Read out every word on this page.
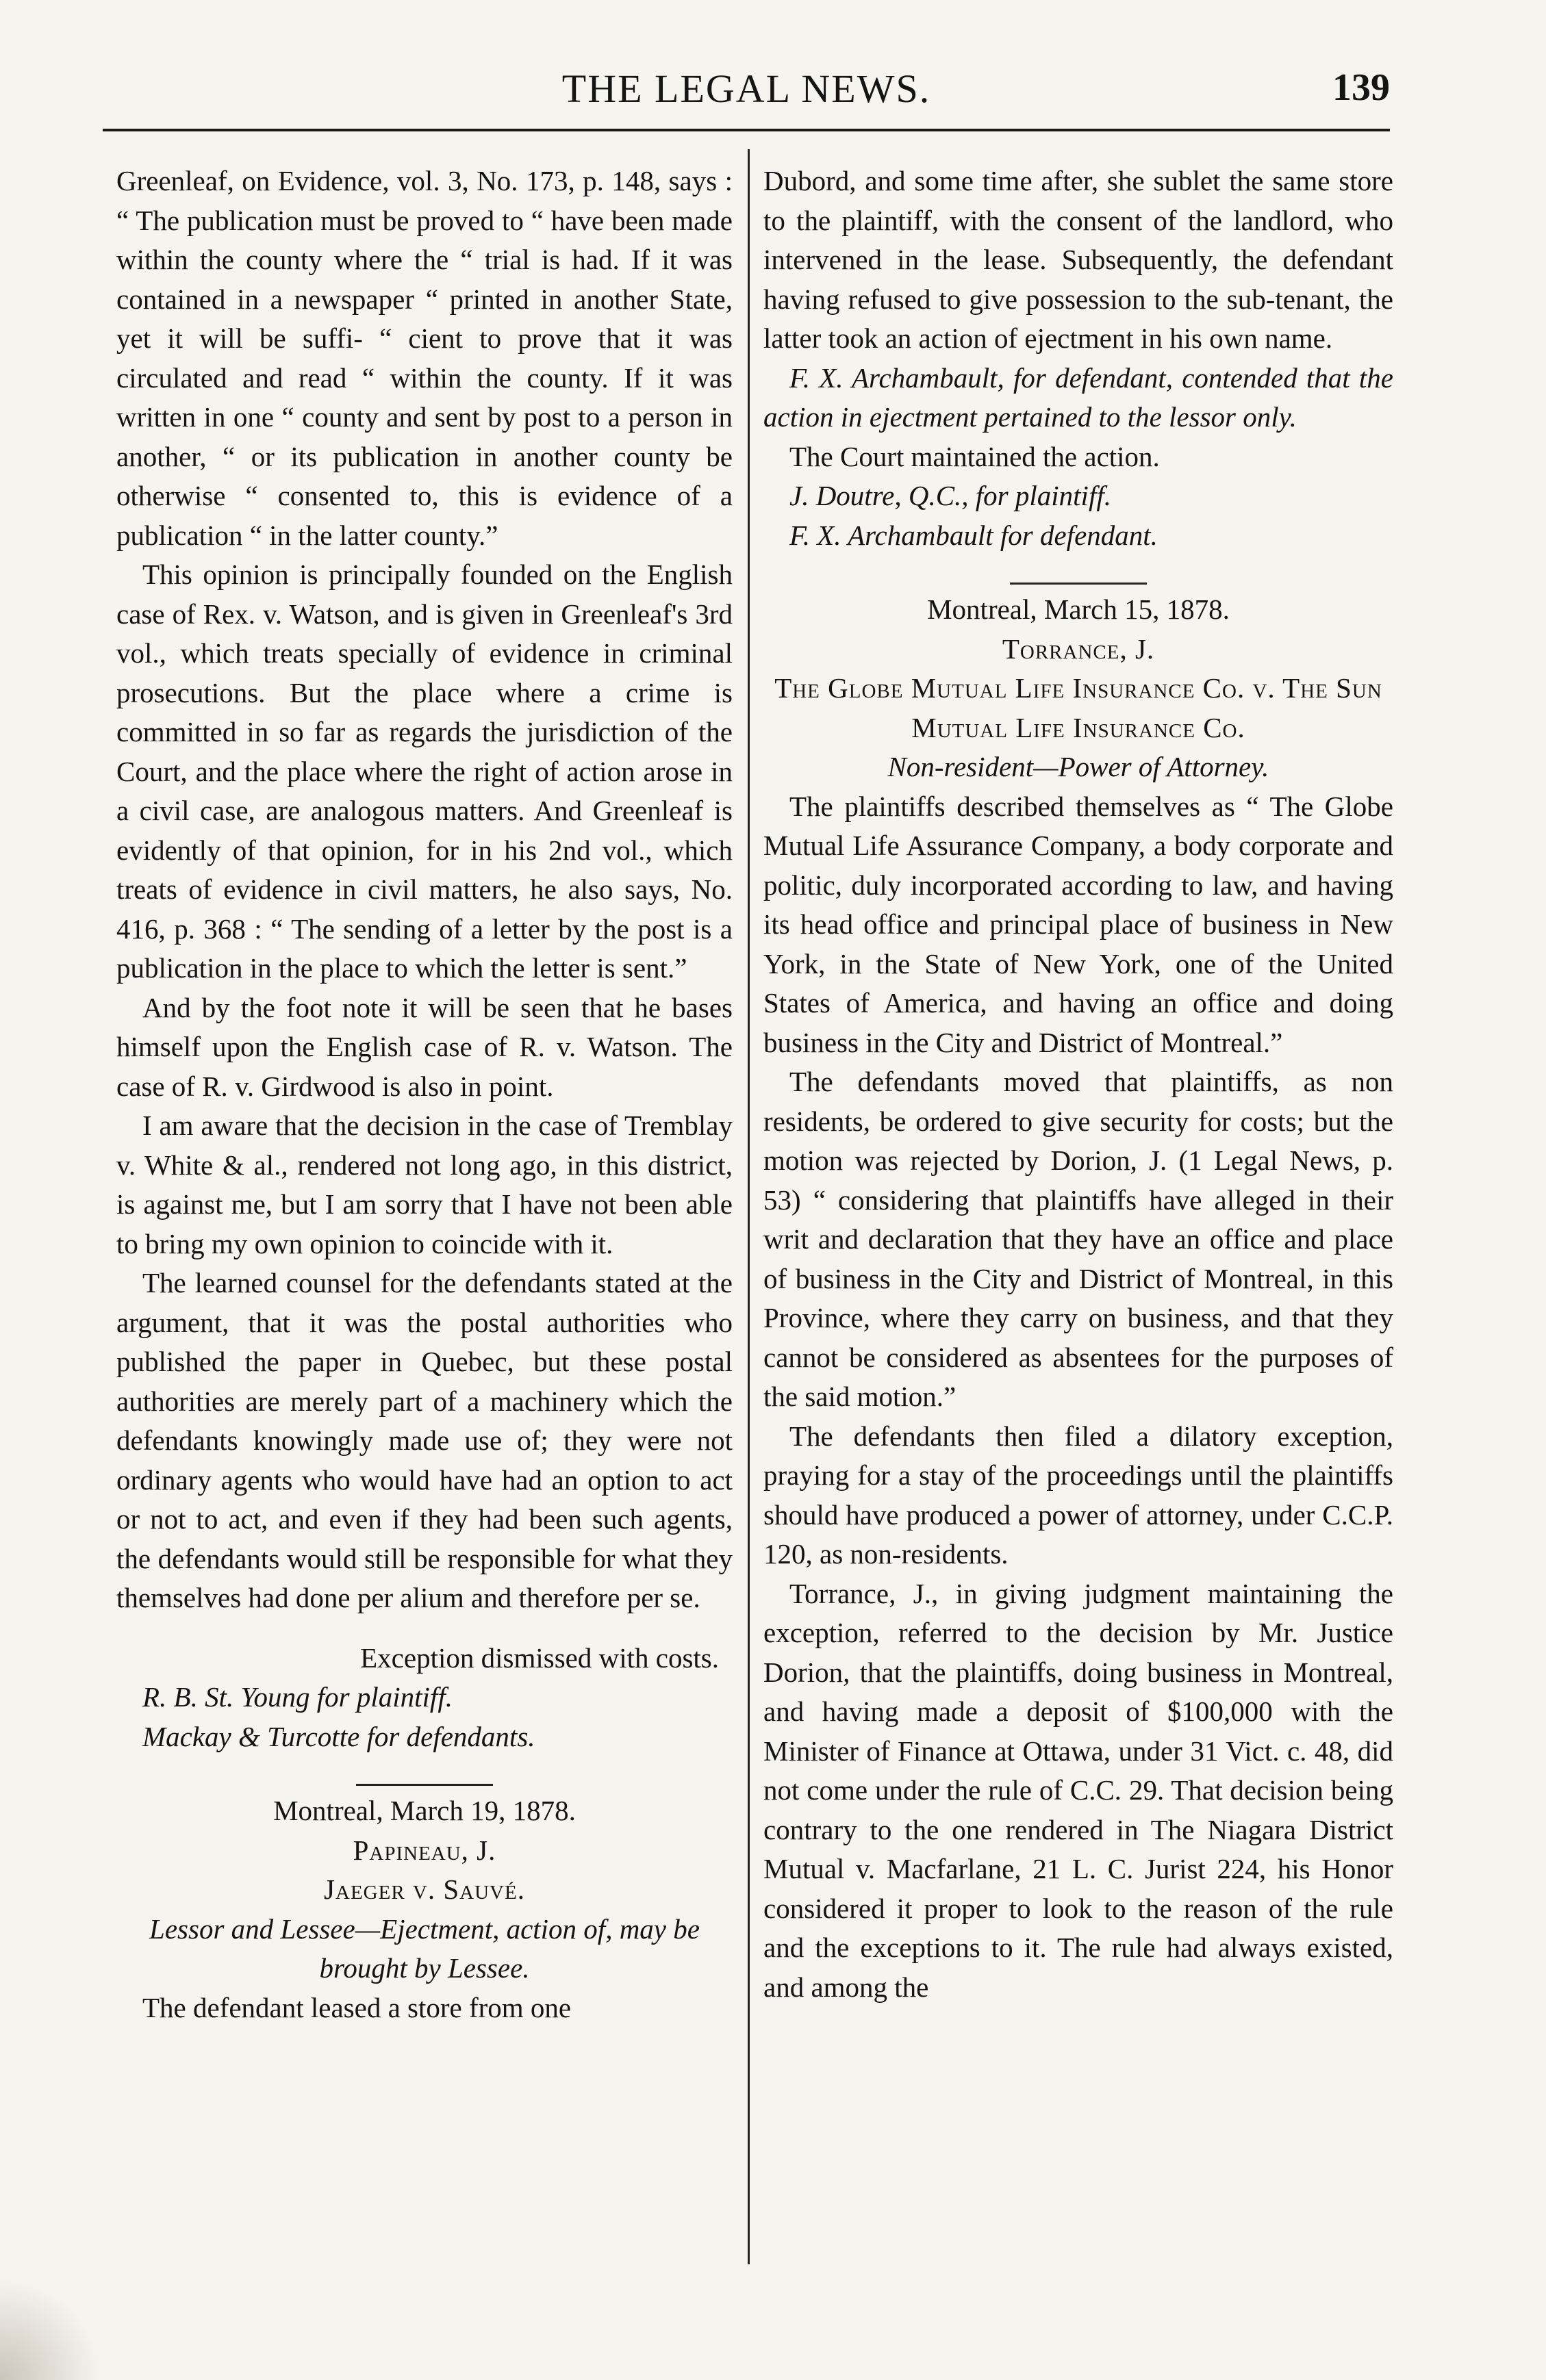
THE LEGAL NEWS.	139

Greenleaf, on Evidence, vol. 3, No. 173, p. 148, says : “ The publication must be proved to “ have been made within the county where the “ trial is had. If it was contained in a newspaper “ printed in another State, yet it will be suffi- “ cient to prove that it was circulated and read “ within the county. If it was written in one “ county and sent by post to a person in another, “ or its publication in another county be otherwise “ consented to, this is evidence of a publication “ in the latter county.”

This opinion is principally founded on the English case of Rex. v. Watson, and is given in Greenleaf's 3rd vol., which treats specially of evidence in criminal prosecutions. But the place where a crime is committed in so far as regards the jurisdiction of the Court, and the place where the right of action arose in a civil case, are analogous matters. And Greenleaf is evidently of that opinion, for in his 2nd vol., which treats of evidence in civil matters, he also says, No. 416, p. 368 : “ The sending of a letter by the post is a publication in the place to which the letter is sent.”

And by the foot note it will be seen that he bases himself upon the English case of R. v. Watson. The case of R. v. Girdwood is also in point.

I am aware that the decision in the case of Tremblay v. White & al., rendered not long ago, in this district, is against me, but I am sorry that I have not been able to bring my own opinion to coincide with it.

The learned counsel for the defendants stated at the argument, that it was the postal authorities who published the paper in Quebec, but these postal authorities are merely part of a machinery which the defendants knowingly made use of; they were not ordinary agents who would have had an option to act or not to act, and even if they had been such agents, the defendants would still be responsible for what they themselves had done per alium and therefore per se.

Exception dismissed with costs.

R. B. St. Young for plaintiff.

Mackay & Turcotte for defendants.

Montreal, March 19, 1878.

Papineau, J.

Jaeger v. Sauvé.

Lessor and Lessee—Ejectment, action of, may be brought by Lessee.

The defendant leased a store from one

Dubord, and some time after, she sublet the same store to the plaintiff, with the consent of the landlord, who intervened in the lease. Subsequently, the defendant having refused to give possession to the sub-tenant, the latter took an action of ejectment in his own name.

F. X. Archambault, for defendant, contended that the action in ejectment pertained to the lessor only.

The Court maintained the action.

J. Doutre, Q.C., for plaintiff.

F. X. Archambault for defendant.

Montreal, March 15, 1878.

Torrance, J.

The Globe Mutual Life Insurance Co. v. The Sun Mutual Life Insurance Co.

Non-resident—Power of Attorney.

The plaintiffs described themselves as “ The Globe Mutual Life Assurance Company, a body corporate and politic, duly incorporated according to law, and having its head office and principal place of business in New York, in the State of New York, one of the United States of America, and having an office and doing business in the City and District of Montreal.”

The defendants moved that plaintiffs, as non residents, be ordered to give security for costs; but the motion was rejected by Dorion, J. (1 Legal News, p. 53) “ considering that plaintiffs have alleged in their writ and declaration that they have an office and place of business in the City and District of Montreal, in this Province, where they carry on business, and that they cannot be considered as absentees for the purposes of the said motion.”

The defendants then filed a dilatory exception, praying for a stay of the proceedings until the plaintiffs should have produced a power of attorney, under C.C.P. 120, as non-residents.

Torrance, J., in giving judgment maintaining the exception, referred to the decision by Mr. Justice Dorion, that the plaintiffs, doing business in Montreal, and having made a deposit of $100,000 with the Minister of Finance at Ottawa, under 31 Vict. c. 48, did not come under the rule of C.C. 29. That decision being contrary to the one rendered in The Niagara District Mutual v. Macfarlane, 21 L. C. Jurist 224, his Honor considered it proper to look to the reason of the rule and the exceptions to it. The rule had always existed, and among the
